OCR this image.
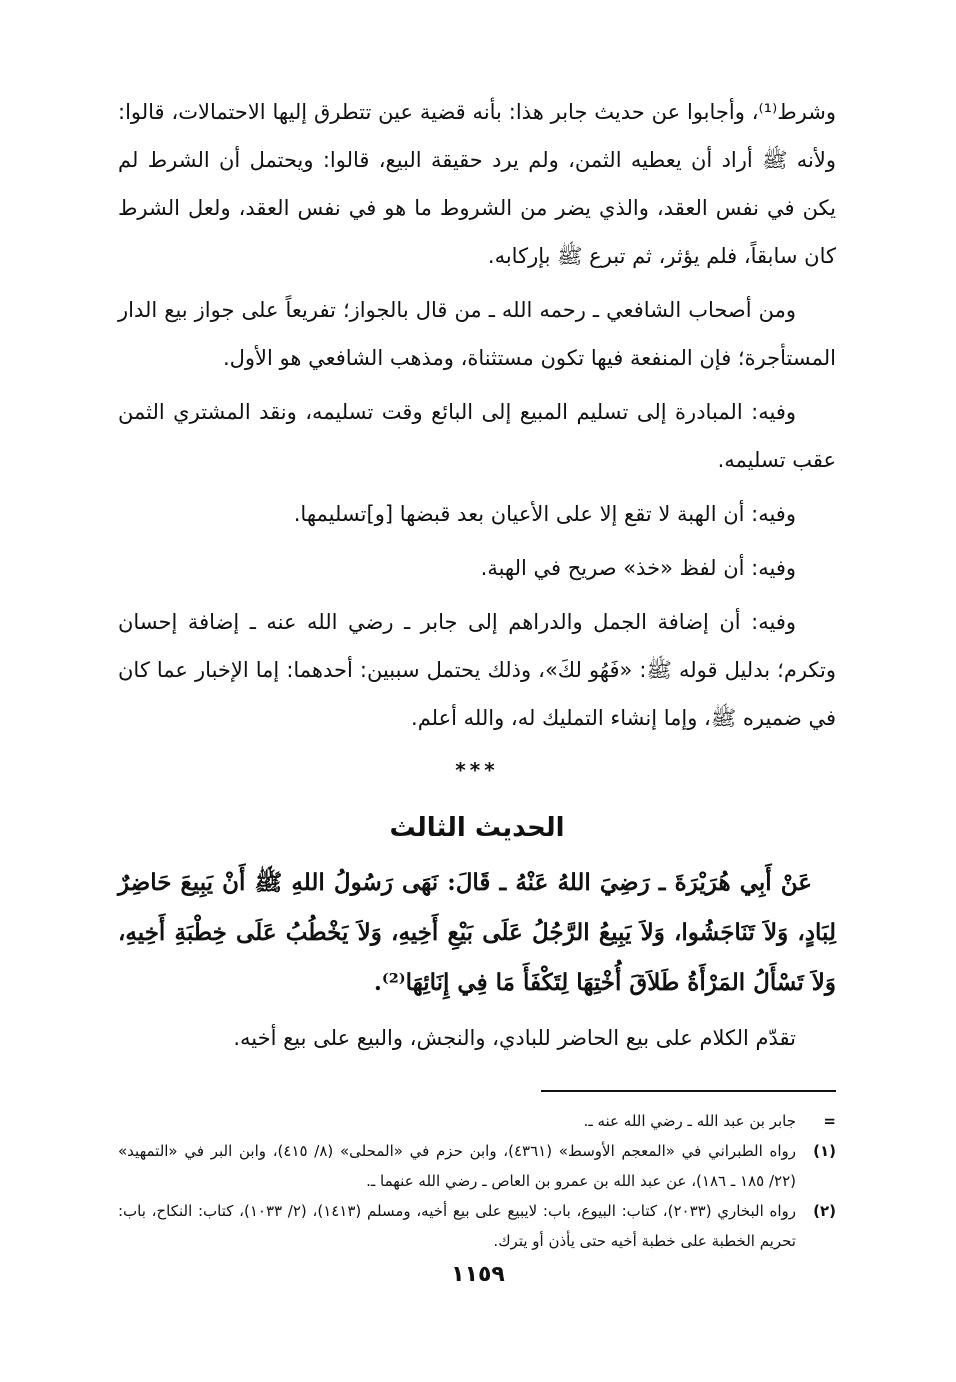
وشرط⁽¹⁾، وأجابوا عن حديث جابر هذا: بأنه قضية عين تتطرق إليها الاحتمالات، قالوا: ولأنه ﷺ أراد أن يعطيه الثمن، ولم يرد حقيقة البيع، قالوا: ويحتمل أن الشرط لم يكن في نفس العقد، والذي يضر من الشروط ما هو في نفس العقد، ولعل الشرط كان سابقاً، فلم يؤثر، ثم تبرع ﷺ بإركابه.

ومن أصحاب الشافعي ـ رحمه الله ـ من قال بالجواز؛ تفريعاً على جواز بيع الدار المستأجرة؛ فإن المنفعة فيها تكون مستثناة، ومذهب الشافعي هو الأول.

وفيه: المبادرة إلى تسليم المبيع إلى البائع وقت تسليمه، ونقد المشتري الثمن عقب تسليمه.

وفيه: أن الهبة لا تقع إلا على الأعيان بعد قبضها [و]تسليمها.

وفيه: أن لفظ «خذ» صريح في الهبة.

وفيه: أن إضافة الجمل والدراهم إلى جابر ـ رضي الله عنه ـ إضافة إحسان وتكرم؛ بدليل قوله ﷺ: «فَهُو لكَ»، وذلك يحتمل سببين: أحدهما: إما الإخبار عما كان في ضميره ﷺ، وإما إنشاء التمليك له، والله أعلم.

***
الحديث الثالث

عَنْ أَبِي هُرَيْرَةَ ـ رَضِيَ اللهُ عَنْهُ ـ قَالَ: نَهَى رَسُولُ اللهِ ﷺ أَنْ يَبِيعَ حَاضِرٌ لِبَادٍ، وَلاَ تَنَاجَشُوا، وَلاَ يَبِيعُ الرَّجُلُ عَلَى بَيْعِ أَخِيهِ، وَلاَ يَخْطُبُ عَلَى خِطْبَةِ أَخِيهِ، وَلاَ تَسْأَلُ المَرْأَةُ طَلاَقَ أُخْتِهَا لِتَكْفَأَ مَا فِي إِنَائِهَا⁽²⁾.

تقدّم الكلام على بيع الحاضر للبادي، والنجش، والبيع على بيع أخيه.

=
جابر بن عبد الله ـ رضي الله عنه ـ.
(١)
رواه الطبراني في «المعجم الأوسط» (٤٣٦١)، وابن حزم في «المحلى» (٨/ ٤١٥)، وابن البر في «التمهيد» (٢٢/ ١٨٥ ـ ١٨٦)، عن عبد الله بن عمرو بن العاص ـ رضي الله عنهما ـ.
(٢)
رواه البخاري (٢٠٣٣)، كتاب: البيوع، باب: لايبيع على بيع أخيه، ومسلم (١٤١٣)، (٢/ ١٠٣٣)، كتاب: النكاح، باب: تحريم الخطبة على خطبة أخيه حتى يأذن أو يترك.
١١٥٩
